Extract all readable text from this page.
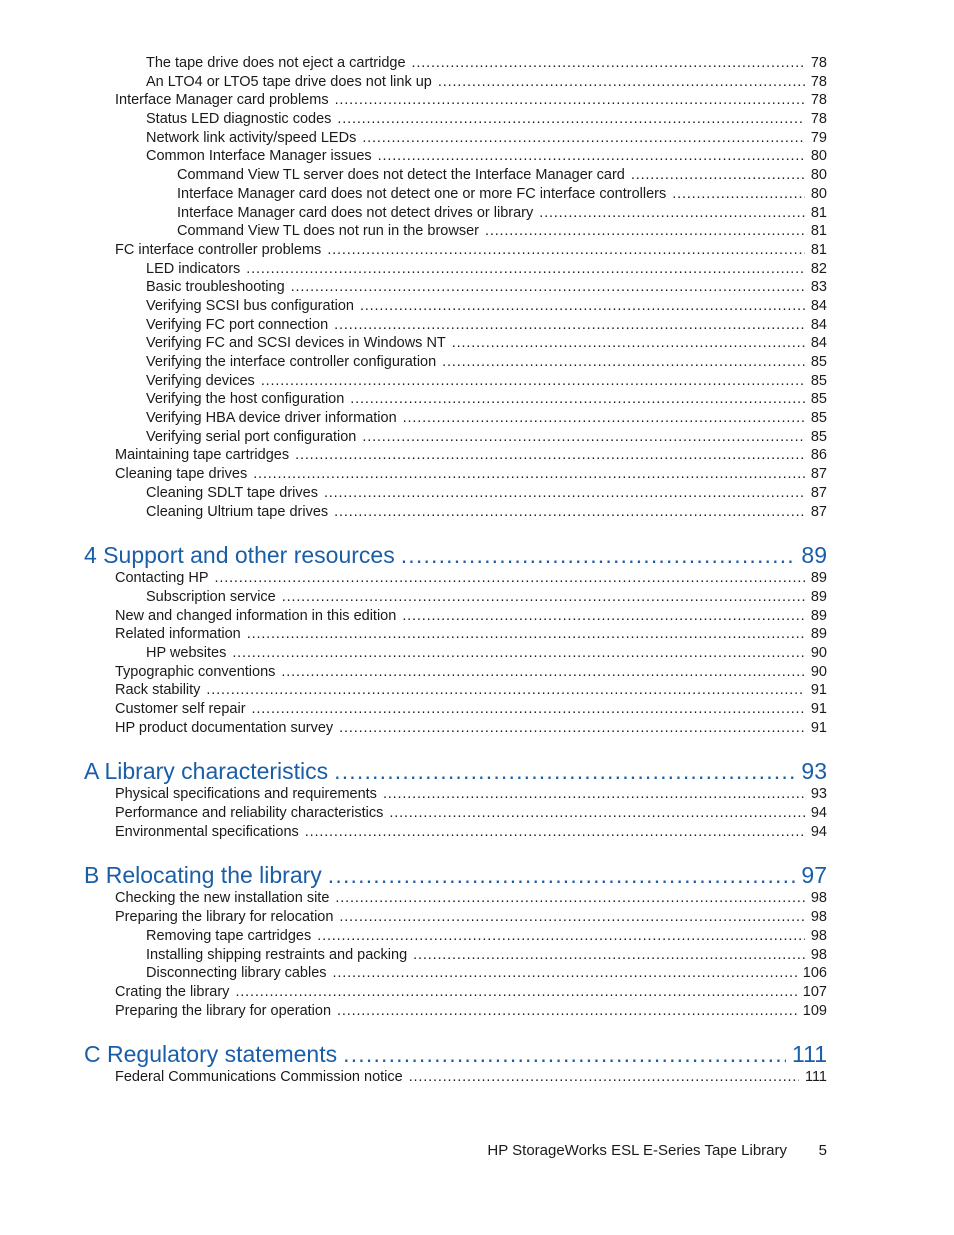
The tape drive does not eject a cartridge . . .	78
An LTO4 or LTO5 tape drive does not link up . . .	78
Interface Manager card problems . . .	78
Status LED diagnostic codes . . .	78
Network link activity/speed LEDs . . .	79
Common Interface Manager issues . . .	80
Command View TL server does not detect the Interface Manager card . . .	80
Interface Manager card does not detect one or more FC interface controllers . . .	80
Interface Manager card does not detect drives or library . . .	81
Command View TL does not run in the browser . . .	81
FC interface controller problems . . .	81
LED indicators . . .	82
Basic troubleshooting . . .	83
Verifying SCSI bus configuration . . .	84
Verifying FC port connection . . .	84
Verifying FC and SCSI devices in Windows NT . . .	84
Verifying the interface controller configuration . . .	85
Verifying devices . . .	85
Verifying the host configuration . . .	85
Verifying HBA device driver information . . .	85
Verifying serial port configuration . . .	85
Maintaining tape cartridges . . .	86
Cleaning tape drives . . .	87
Cleaning SDLT tape drives . . .	87
Cleaning Ultrium tape drives . . .	87
4 Support and other resources . . .	89
Contacting HP . . .	89
Subscription service . . .	89
New and changed information in this edition . . .	89
Related information . . .	89
HP websites . . .	90
Typographic conventions . . .	90
Rack stability . . .	91
Customer self repair . . .	91
HP product documentation survey . . .	91
A Library characteristics . . .	93
Physical specifications and requirements . . .	93
Performance and reliability characteristics . . .	94
Environmental specifications . . .	94
B Relocating the library . . .	97
Checking the new installation site . . .	98
Preparing the library for relocation . . .	98
Removing tape cartridges . . .	98
Installing shipping restraints and packing . . .	98
Disconnecting library cables . . .	106
Crating the library . . .	107
Preparing the library for operation . . .	109
C Regulatory statements . . .	111
Federal Communications Commission notice . . .	111
HP StorageWorks ESL E-Series Tape Library 5
